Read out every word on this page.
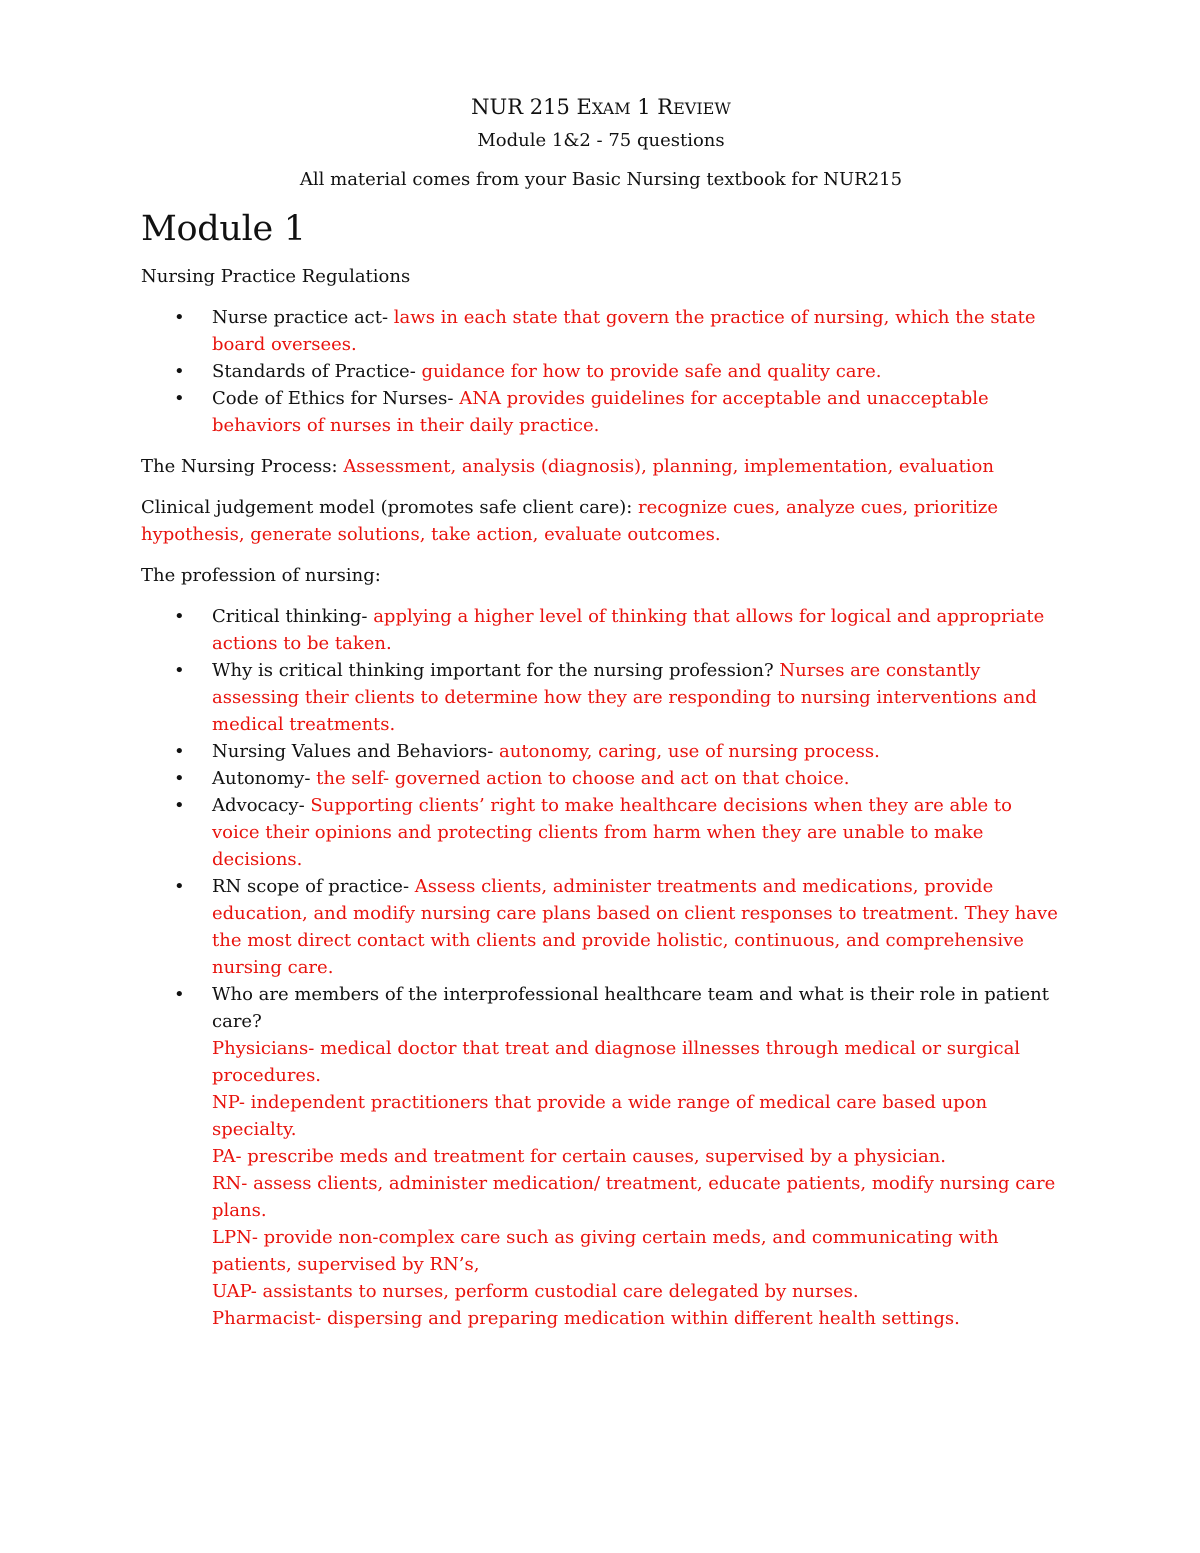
NUR 215 EXAM 1 REVIEW

Module 1&2 - 75 questions

All material comes from your Basic Nursing textbook for NUR215

Module 1

Nursing Practice Regulations

• Nurse practice act- laws in each state that govern the practice of nursing, which the state board oversees.
• Standards of Practice- guidance for how to provide safe and quality care.
• Code of Ethics for Nurses- ANA provides guidelines for acceptable and unacceptable behaviors of nurses in their daily practice.

The Nursing Process: Assessment, analysis (diagnosis), planning, implementation, evaluation

Clinical judgement model (promotes safe client care): recognize cues, analyze cues, prioritize hypothesis, generate solutions, take action, evaluate outcomes.

The profession of nursing:

• Critical thinking- applying a higher level of thinking that allows for logical and appropriate actions to be taken.
• Why is critical thinking important for the nursing profession? Nurses are constantly assessing their clients to determine how they are responding to nursing interventions and medical treatments.
• Nursing Values and Behaviors- autonomy, caring, use of nursing process.
• Autonomy- the self- governed action to choose and act on that choice.
• Advocacy- Supporting clients’ right to make healthcare decisions when they are able to voice their opinions and protecting clients from harm when they are unable to make decisions.
• RN scope of practice- Assess clients, administer treatments and medications, provide education, and modify nursing care plans based on client responses to treatment. They have the most direct contact with clients and provide holistic, continuous, and comprehensive nursing care.
• Who are members of the interprofessional healthcare team and what is their role in patient care?
Physicians- medical doctor that treat and diagnose illnesses through medical or surgical procedures.
NP- independent practitioners that provide a wide range of medical care based upon specialty.
PA- prescribe meds and treatment for certain causes, supervised by a physician.
RN- assess clients, administer medication/ treatment, educate patients, modify nursing care plans.
LPN- provide non-complex care such as giving certain meds, and communicating with patients, supervised by RN’s,
UAP- assistants to nurses, perform custodial care delegated by nurses.
Pharmacist- dispersing and preparing medication within different health settings.
